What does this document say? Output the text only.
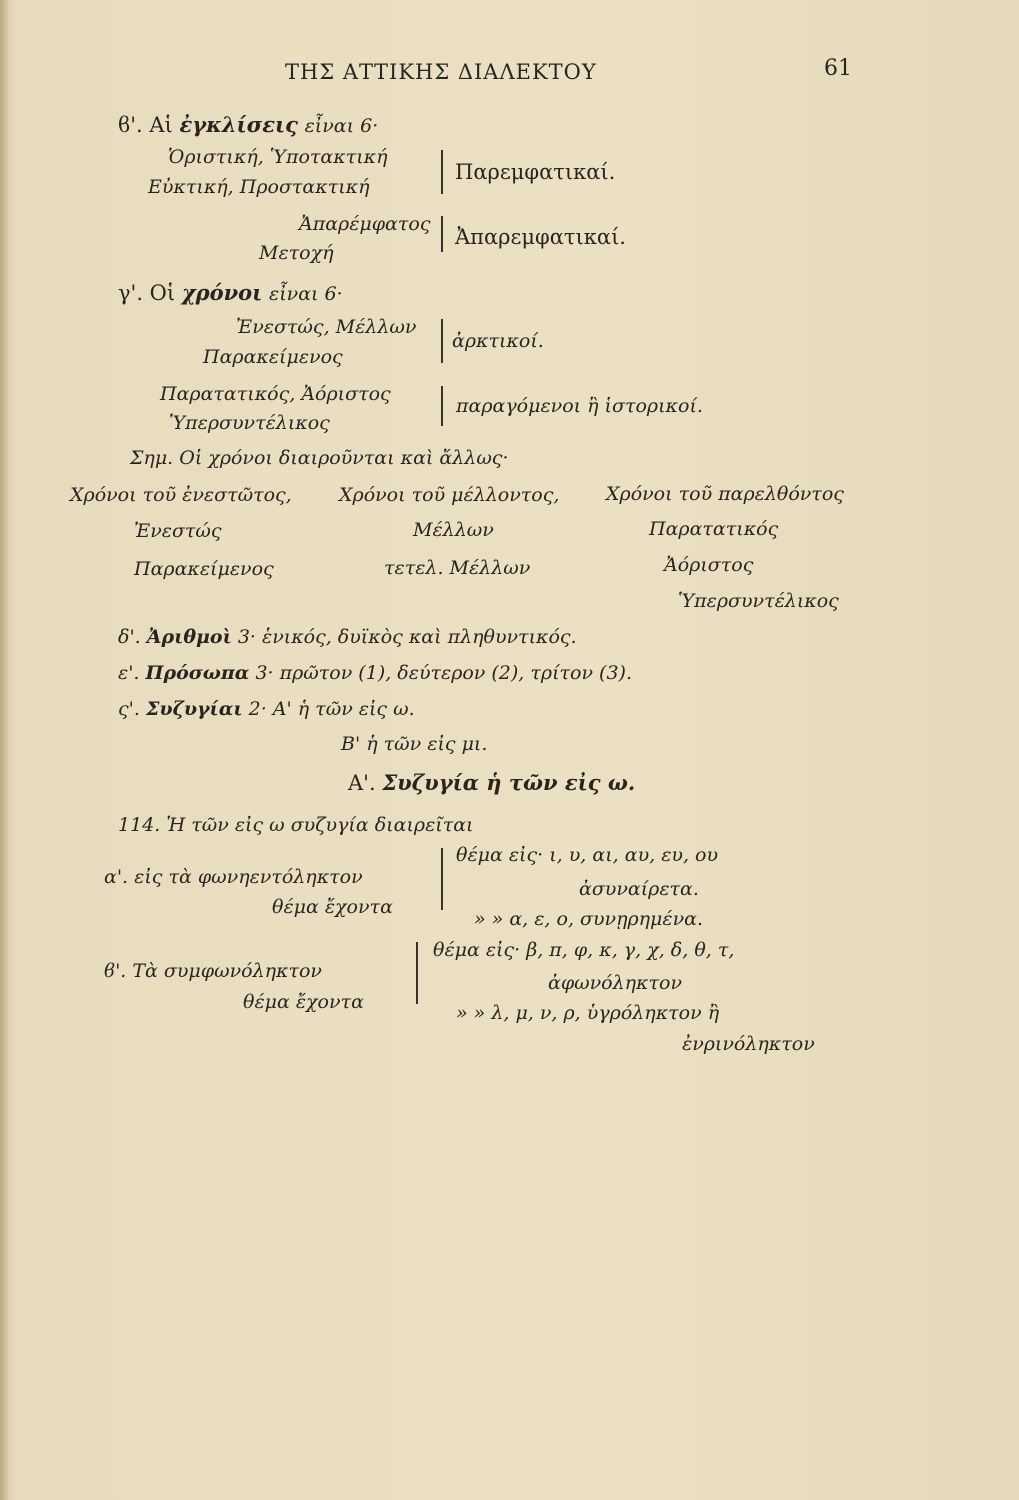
ΤΗΣ ΑΤΤΙΚΗΣ ΔΙΑΛΕΚΤΟΥ	61
ϐ'. Αἱ ἐγκλίσεις εἶναι 6·
Ὁριστική, Ὑποτακτική
Εὐκτική, Προστακτική
Παρεμφατικαί.
Ἀπαρέμφατος
Μετοχή
Ἀπαρεμφατικαί.
γ'. Οἱ χρόνοι εἶναι 6·
Ἐνεστώς, Μέλλων
Παρακείμενος
ἀρκτικοί.
Παρατατικός, Ἀόριστος
Ὑπερσυντέλικος
παραγόμενοι ἢ ἱστορικοί.
Σημ. Οἱ χρόνοι διαιροῦνται καὶ ἄλλως·
Χρόνοι τοῦ ἐνεστῶτος, Χρόνοι τοῦ μέλλοντος, Χρόνοι τοῦ παρελθόντος
Ἐνεστώς
Παρακείμενος
Μέλλων
τετελ. Μέλλων
Παρατατικός
Ἀόριστος
Ὑπερσυντέλικος
δ'. Ἀριθμοὶ 3· ἑνικός, δυϊκὸς καὶ πληθυντικός.
ε'. Πρόσωπα 3· πρῶτον (1), δεύτερον (2), τρίτον (3).
ς'. Συζυγίαι 2· Α' ἡ τῶν εἰς ω.
Β' ἡ τῶν εἰς μι.
Α'. Συζυγία ἡ τῶν εἰς ω.
114. Ἡ τῶν εἰς ω συζυγία διαιρεῖται
α'. εἰς τὰ φωνηεντόληκτον
θέμα ἔχοντα
θέμα εἰς· ι, υ, αι, αυ, ευ, ου
ἀσυναίρετα.
» » α, ε, ο, συνῃρημένα.
ϐ'. Τὰ συμφωνόληκτον
θέμα ἔχοντα
θέμα εἰς· β, π, φ, κ, γ, χ, δ, θ, τ,
ἀφωνόληκτον
» » λ, μ, ν, ρ, ὑγρόληκτον ἢ
ἐνρινόληκτον
